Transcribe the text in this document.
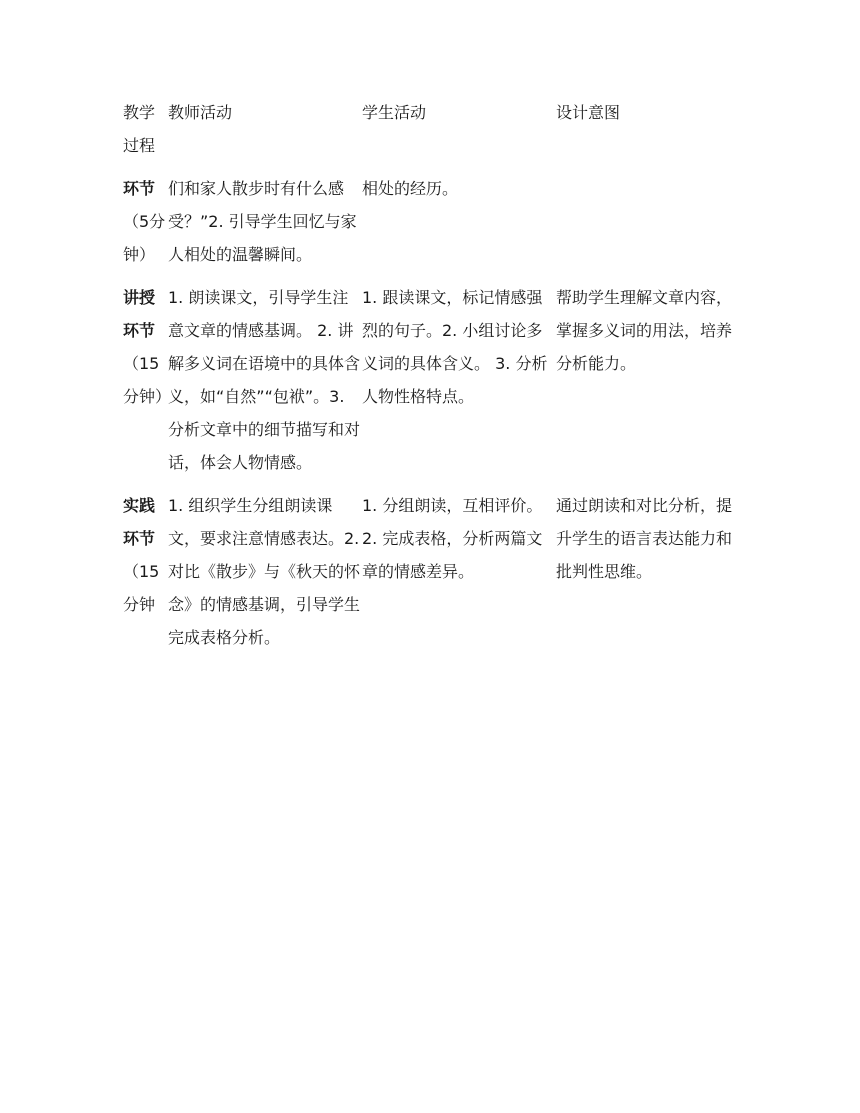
教学过程	教师活动	学生活动	设计意图
环节（5分钟）	们和家人散步时有什么感受？”2. 引导学生回忆与家人相处的温馨瞬间。	相处的经历。	
讲授环节（15分钟）	1. 朗读课文，引导学生注意文章的情感基调。 2. 讲解多义词在语境中的具体含义，如“自然”“包袱”。3. 分析文章中的细节描写和对话，体会人物情感。	1. 跟读课文，标记情感强烈的句子。2. 小组讨论多义词的具体含义。 3. 分析人物性格特点。	帮助学生理解文章内容，掌握多义词的用法，培养分析能力。
实践环节（15分钟	1. 组织学生分组朗读课文，要求注意情感表达。2. 对比《散步》与《秋天的怀念》的情感基调，引导学生完成表格分析。	1. 分组朗读，互相评价。2. 完成表格，分析两篇文章的情感差异。	通过朗读和对比分析，提升学生的语言表达能力和批判性思维。
